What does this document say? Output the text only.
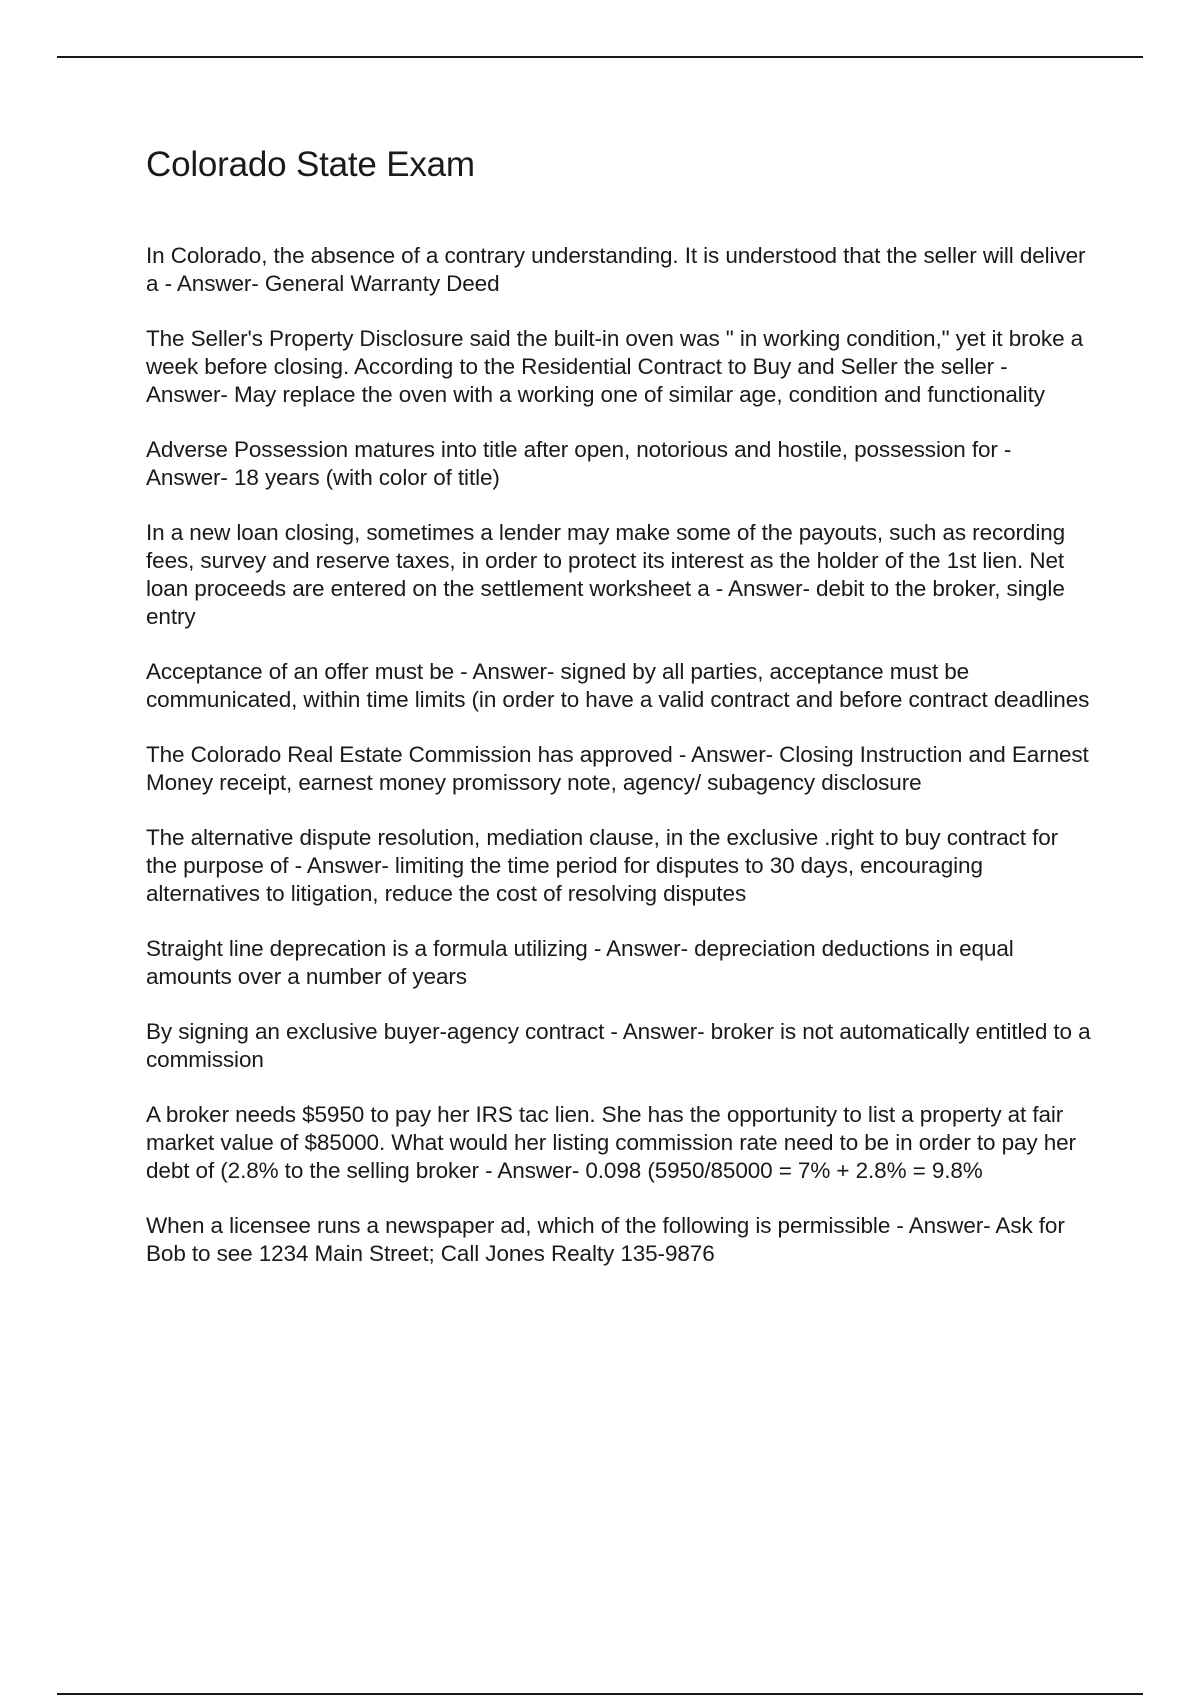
Colorado State Exam

In Colorado, the absence of a contrary understanding. It is understood that the seller will deliver a - Answer- General Warranty Deed

The Seller's Property Disclosure said the built-in oven was " in working condition," yet it broke a week before closing. According to the Residential Contract to Buy and Seller the seller - Answer- May replace the oven with a working one of similar age, condition and functionality

Adverse Possession matures into title after open, notorious and hostile, possession for - Answer- 18 years (with color of title)

In a new loan closing, sometimes a lender may make some of the payouts, such as recording fees, survey and reserve taxes, in order to protect its interest as the holder of the 1st lien. Net loan proceeds are entered on the settlement worksheet a - Answer- debit to the broker, single entry

Acceptance of an offer must be - Answer- signed by all parties, acceptance must be communicated, within time limits (in order to have a valid contract and before contract deadlines

The Colorado Real Estate Commission has approved - Answer- Closing Instruction and Earnest Money receipt, earnest money promissory note, agency/ subagency disclosure

The alternative dispute resolution, mediation clause, in the exclusive .right to buy contract for the purpose of - Answer- limiting the time period for disputes to 30 days, encouraging alternatives to litigation, reduce the cost of resolving disputes

Straight line deprecation is a formula utilizing - Answer- depreciation deductions in equal amounts over a number of years

By signing an exclusive buyer-agency contract - Answer- broker is not automatically entitled to a commission

A broker needs $5950 to pay her IRS tac lien. She has the opportunity to list a property at fair market value of $85000. What would her listing commission rate need to be in order to pay her debt of (2.8% to the selling broker - Answer- 0.098 (5950/85000 = 7% + 2.8% = 9.8%

When a licensee runs a newspaper ad, which of the following is permissible - Answer- Ask for Bob to see 1234 Main Street; Call Jones Realty 135-9876
